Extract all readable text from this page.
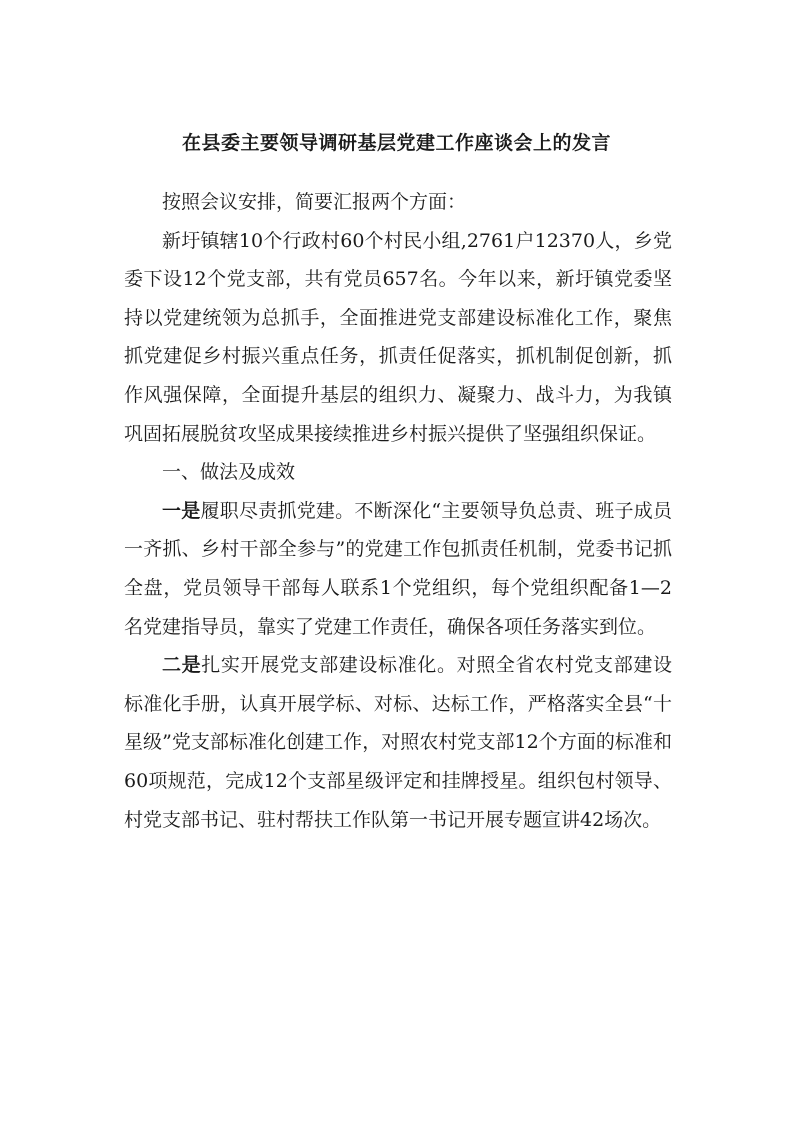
在县委主要领导调研基层党建工作座谈会上的发言

按照会议安排，简要汇报两个方面：

新圩镇辖10个行政村60个村民小组,2761户12370人，乡党委下设12个党支部，共有党员657名。今年以来，新圩镇党委坚持以党建统领为总抓手，全面推进党支部建设标准化工作，聚焦抓党建促乡村振兴重点任务，抓责任促落实，抓机制促创新，抓作风强保障，全面提升基层的组织力、凝聚力、战斗力，为我镇巩固拓展脱贫攻坚成果接续推进乡村振兴提供了坚强组织保证。

一、做法及成效

一是履职尽责抓党建。不断深化“主要领导负总责、班子成员一齐抓、乡村干部全参与”的党建工作包抓责任机制，党委书记抓全盘，党员领导干部每人联系1个党组织，每个党组织配备1—2名党建指导员，靠实了党建工作责任，确保各项任务落实到位。

二是扎实开展党支部建设标准化。对照全省农村党支部建设标准化手册，认真开展学标、对标、达标工作，严格落实全县“十星级”党支部标准化创建工作，对照农村党支部12个方面的标准和60项规范，完成12个支部星级评定和挂牌授星。组织包村领导、村党支部书记、驻村帮扶工作队第一书记开展专题宣讲42场次。
